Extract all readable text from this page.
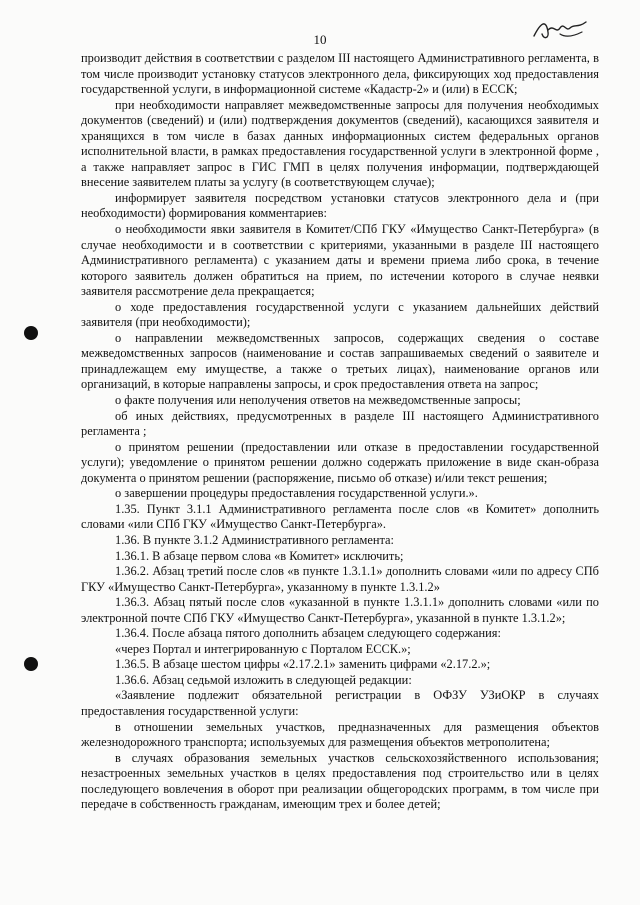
10

производит действия в соответствии с разделом III настоящего Административного регламента, в том числе производит установку статусов электронного дела, фиксирующих ход предоставления государственной услуги, в информационной системе «Кадастр-2» и (или) в ЕССК;

при необходимости направляет межведомственные запросы для получения необходимых документов (сведений) и (или) подтверждения документов (сведений), касающихся заявителя и хранящихся в том числе в базах данных информационных систем федеральных органов исполнительной власти, в рамках предоставления государственной услуги в электронной форме , а также направляет запрос в ГИС ГМП в целях получения информации, подтверждающей внесение заявителем платы за услугу (в соответствующем случае);

информирует заявителя посредством установки статусов электронного дела и (при необходимости) формирования комментариев:

о необходимости явки заявителя в Комитет/СПб ГКУ «Имущество Санкт-Петербурга» (в случае необходимости и в соответствии с критериями, указанными в разделе III настоящего Административного регламента) с указанием даты и времени приема либо срока, в течение которого заявитель должен обратиться на прием, по истечении которого в случае неявки заявителя рассмотрение дела прекращается;

о ходе предоставления государственной услуги с указанием дальнейших действий заявителя (при необходимости);

о направлении межведомственных запросов, содержащих сведения о составе межведомственных запросов (наименование и состав запрашиваемых сведений о заявителе и принадлежащем ему имуществе, а также о третьих лицах), наименование органов или организаций, в которые направлены запросы, и срок предоставления ответа на запрос;

о факте получения или неполучения ответов на межведомственные запросы;

об иных действиях, предусмотренных в разделе III настоящего Административного регламента ;

о принятом решении (предоставлении или отказе в предоставлении государственной услуги); уведомление о принятом решении должно содержать приложение в виде скан-образа документа о принятом решении (распоряжение, письмо об отказе) и/или текст решения;

о завершении процедуры предоставления государственной услуги.».

1.35. Пункт 3.1.1 Административного регламента после слов «в Комитет» дополнить словами «или СПб ГКУ «Имущество Санкт-Петербурга».

1.36. В пункте 3.1.2 Административного регламента:

1.36.1. В абзаце первом слова «в Комитет» исключить;

1.36.2. Абзац третий после слов «в пункте 1.3.1.1» дополнить словами «или по адресу СПб ГКУ «Имущество Санкт-Петербурга», указанному в пункте 1.3.1.2»

1.36.3. Абзац пятый после слов «указанной в пункте 1.3.1.1» дополнить словами «или по электронной почте СПб ГКУ «Имущество Санкт-Петербурга», указанной в пункте 1.3.1.2»;

1.36.4. После абзаца пятого дополнить абзацем следующего содержания:

«через Портал и интегрированную с Порталом ЕССК.»;

1.36.5. В абзаце шестом цифры «2.17.2.1» заменить цифрами «2.17.2.»;

1.36.6. Абзац седьмой изложить в следующей редакции:

«Заявление подлежит обязательной регистрации в ОФЗУ УЗиОКР в случаях предоставления государственной услуги:

в отношении земельных участков, предназначенных для размещения объектов железнодорожного транспорта; используемых для размещения объектов метрополитена;

в случаях образования земельных участков сельскохозяйственного использования; незастроенных земельных участков в целях предоставления под строительство или в целях последующего вовлечения в оборот при реализации общегородских программ, в том числе при передаче в собственность гражданам, имеющим трех и более детей;
